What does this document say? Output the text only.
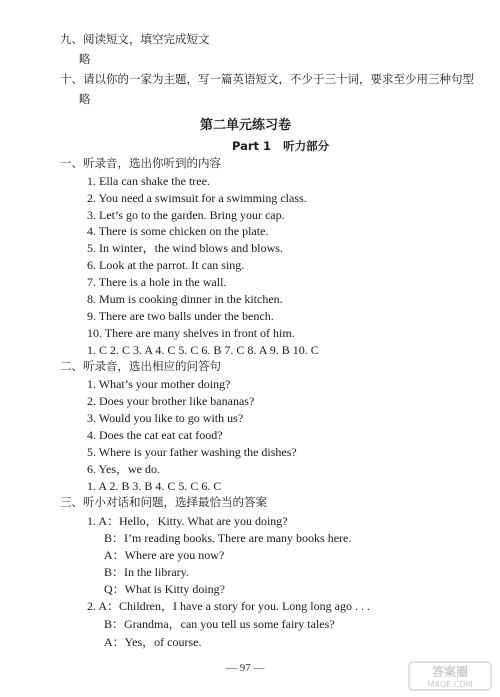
九、阅读短文，填空完成短文
略
十、请以你的一家为主题，写一篇英语短文，不少于三十词，要求至少用三种句型
略
第二单元练习卷
Part 1 听力部分
一、听录音，选出你听到的内容
1. Ella can shake the tree.
2. You need a swimsuit for a swimming class.
3. Let’s go to the garden. Bring your cap.
4. There is some chicken on the plate.
5. In winter，the wind blows and blows.
6. Look at the parrot. It can sing.
7. There is a hole in the wall.
8. Mum is cooking dinner in the kitchen.
9. There are two balls under the bench.
10. There are many shelves in front of him.
1. C 2. C 3. A 4. C 5. C 6. B 7. C 8. A 9. B 10. C
二、听录音，选出相应的问答句
1. What’s your mother doing?
2. Does your brother like bananas?
3. Would you like to go with us?
4. Does the cat eat cat food?
5. Where is your father washing the dishes?
6. Yes，we do.
1. A 2. B 3. B 4. C 5. C 6. C
三、听小对话和问题，选择最恰当的答案
1. A：Hello，Kitty. What are you doing?
B：I’m reading books. There are many books here.
A：Where are you now?
B：In the library.
Q：What is Kitty doing?
2. A：Children，I have a story for you. Long long ago . . .
B：Grandma，can you tell us some fairy tales?
A：Yes，of course.
— 97 —	答案圈
MXQE.COM
